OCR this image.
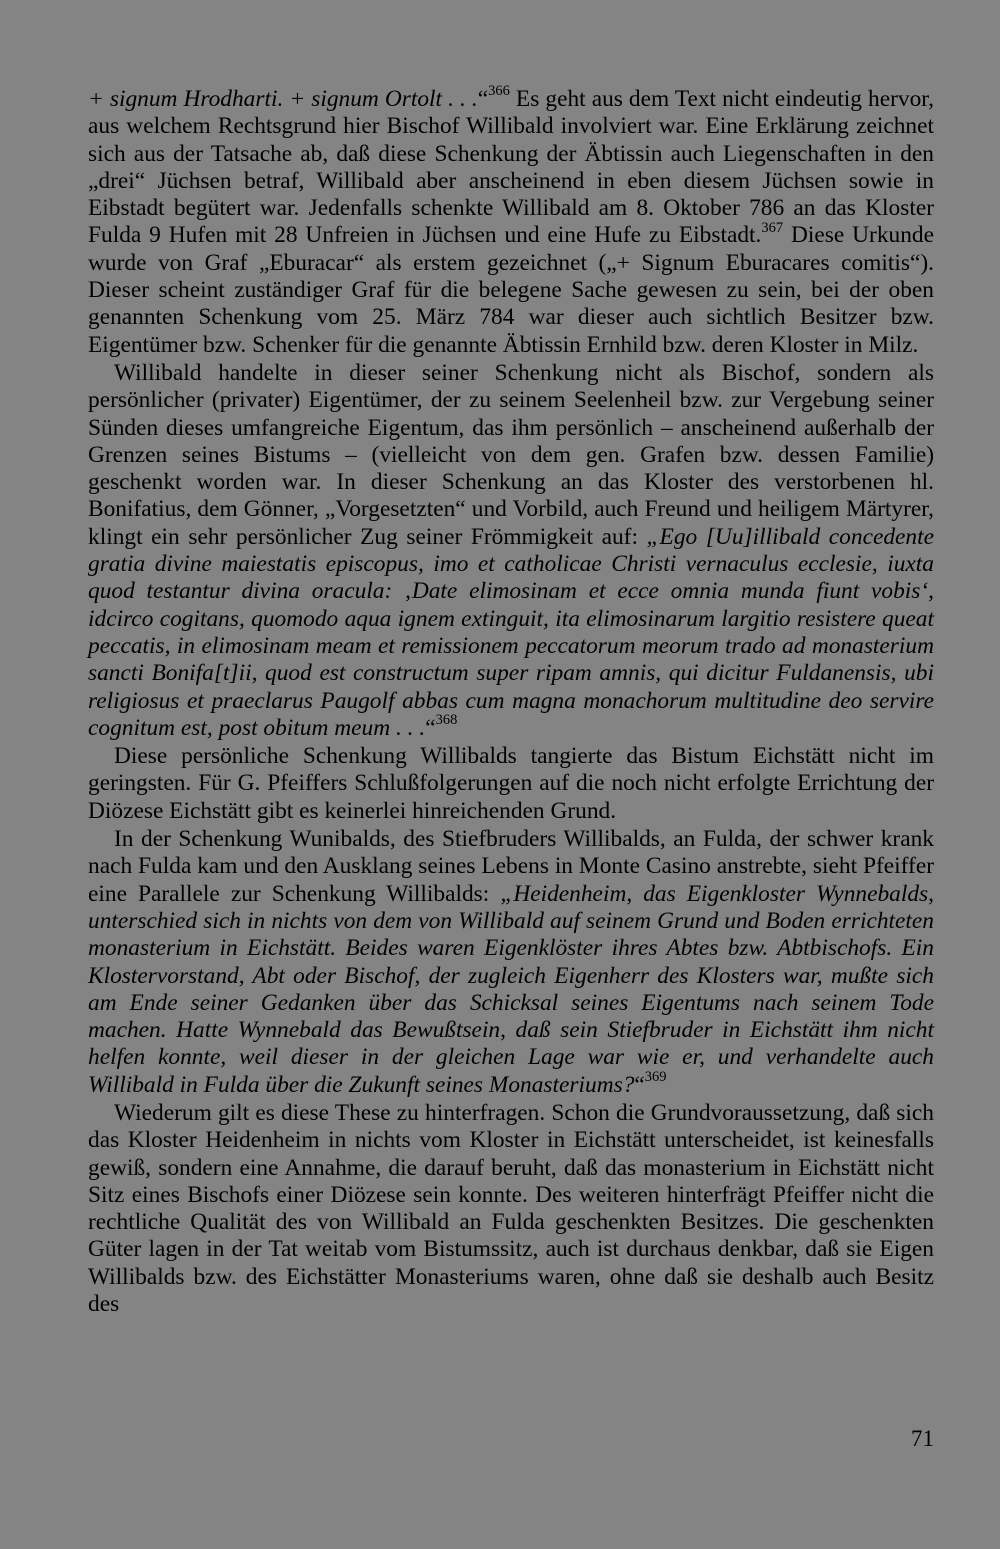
+ signum Hrodharti. + signum Ortolt . . .“$^{366}$ Es geht aus dem Text nicht eindeutig hervor, aus welchem Rechtsgrund hier Bischof Willibald involviert war. Eine Erklärung zeichnet sich aus der Tatsache ab, daß diese Schenkung der Äbtissin auch Liegenschaften in den „drei“ Jüchsen betraf, Willibald aber anscheinend in eben diesem Jüchsen sowie in Eibstadt begütert war. Jedenfalls schenkte Willibald am 8. Oktober 786 an das Kloster Fulda 9 Hufen mit 28 Unfreien in Jüchsen und eine Hufe zu Eibstadt.$^{367}$ Diese Urkunde wurde von Graf „Eburacar“ als erstem gezeichnet („+ Signum Eburacares comitis“). Dieser scheint zuständiger Graf für die belegene Sache gewesen zu sein, bei der oben genannten Schenkung vom 25. März 784 war dieser auch sichtlich Besitzer bzw. Eigentümer bzw. Schenker für die genannte Äbtissin Ernhild bzw. deren Kloster in Milz.

Willibald handelte in dieser seiner Schenkung nicht als Bischof, sondern als persönlicher (privater) Eigentümer, der zu seinem Seelenheil bzw. zur Vergebung seiner Sünden dieses umfangreiche Eigentum, das ihm persönlich – anscheinend außerhalb der Grenzen seines Bistums – (vielleicht von dem gen. Grafen bzw. dessen Familie) geschenkt worden war. In dieser Schenkung an das Kloster des verstorbenen hl. Bonifatius, dem Gönner, „Vorgesetzten“ und Vorbild, auch Freund und heiligem Märtyrer, klingt ein sehr persönlicher Zug seiner Frömmigkeit auf: „Ego [Uu]illibald concedente gratia divine maiestatis episcopus, imo et catholicae Christi vernaculus ecclesie, iuxta quod testantur divina oracula: ‚Date elimosinam et ecce omnia munda fiunt vobis‘, idcirco cogitans, quomodo aqua ignem extinguit, ita elimosinarum largitio resistere queat peccatis, in elimosinam meam et remissionem peccatorum meorum trado ad monasterium sancti Bonifa[t]ii, quod est constructum super ripam amnis, qui dicitur Fuldanensis, ubi religiosus et praeclarus Paugolf abbas cum magna monachorum multitudine deo servire cognitum est, post obitum meum . . .“$^{368}$

Diese persönliche Schenkung Willibalds tangierte das Bistum Eichstätt nicht im geringsten. Für G. Pfeiffers Schlußfolgerungen auf die noch nicht erfolgte Errichtung der Diözese Eichstätt gibt es keinerlei hinreichenden Grund.

In der Schenkung Wunibalds, des Stiefbruders Willibalds, an Fulda, der schwer krank nach Fulda kam und den Ausklang seines Lebens in Monte Casino anstrebte, sieht Pfeiffer eine Parallele zur Schenkung Willibalds: „Heidenheim, das Eigenkloster Wynnebalds, unterschied sich in nichts von dem von Willibald auf seinem Grund und Boden errichteten monasterium in Eichstätt. Beides waren Eigenklöster ihres Abtes bzw. Abtbischofs. Ein Klostervorstand, Abt oder Bischof, der zugleich Eigenherr des Klosters war, mußte sich am Ende seiner Gedanken über das Schicksal seines Eigentums nach seinem Tode machen. Hatte Wynnebald das Bewußtsein, daß sein Stiefbruder in Eichstätt ihm nicht helfen konnte, weil dieser in der gleichen Lage war wie er, und verhandelte auch Willibald in Fulda über die Zukunft seines Monasteriums?“$^{369}$

Wiederum gilt es diese These zu hinterfragen. Schon die Grundvoraussetzung, daß sich das Kloster Heidenheim in nichts vom Kloster in Eichstätt unterscheidet, ist keinesfalls gewiß, sondern eine Annahme, die darauf beruht, daß das monasterium in Eichstätt nicht Sitz eines Bischofs einer Diözese sein konnte. Des weiteren hinterfrägt Pfeiffer nicht die rechtliche Qualität des von Willibald an Fulda geschenkten Besitzes. Die geschenkten Güter lagen in der Tat weitab vom Bistumssitz, auch ist durchaus denkbar, daß sie Eigen Willibalds bzw. des Eichstätter Monasteriums waren, ohne daß sie deshalb auch Besitz des

71
